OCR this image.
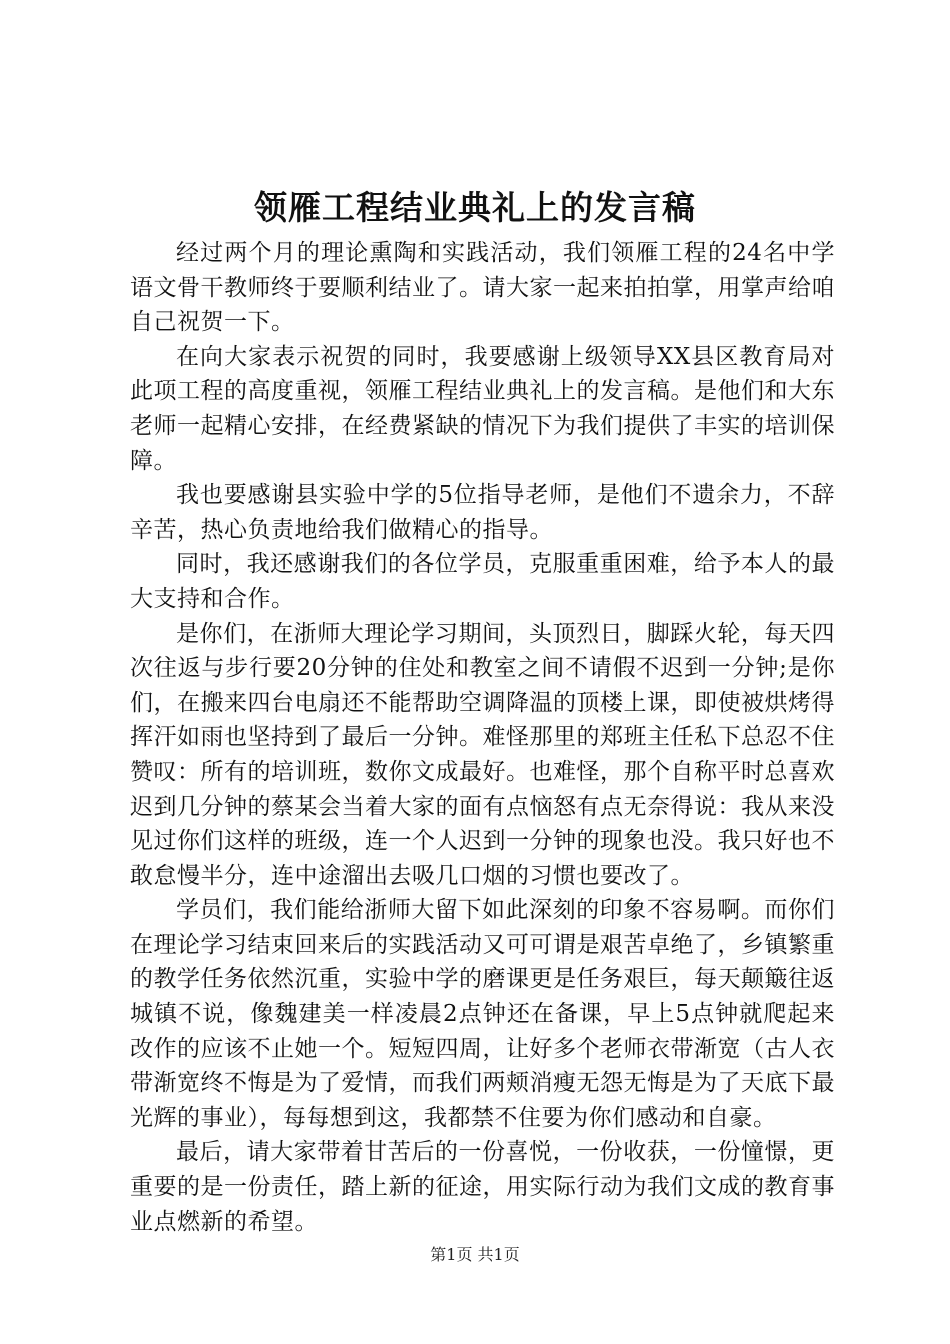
领雁工程结业典礼上的发言稿

经过两个月的理论熏陶和实践活动，我们领雁工程的24名中学语文骨干教师终于要顺利结业了。请大家一起来拍拍掌，用掌声给咱自己祝贺一下。

在向大家表示祝贺的同时，我要感谢上级领导XX县区教育局对此项工程的高度重视，领雁工程结业典礼上的发言稿。是他们和大东老师一起精心安排，在经费紧缺的情况下为我们提供了丰实的培训保障。

我也要感谢县实验中学的5位指导老师，是他们不遗余力，不辞辛苦，热心负责地给我们做精心的指导。

同时，我还感谢我们的各位学员，克服重重困难，给予本人的最大支持和合作。

是你们，在浙师大理论学习期间，头顶烈日，脚踩火轮，每天四次往返与步行要20分钟的住处和教室之间不请假不迟到一分钟;是你们，在搬来四台电扇还不能帮助空调降温的顶楼上课，即使被烘烤得挥汗如雨也坚持到了最后一分钟。难怪那里的郑班主任私下总忍不住赞叹：所有的培训班，数你文成最好。也难怪，那个自称平时总喜欢迟到几分钟的蔡某会当着大家的面有点恼怒有点无奈得说：我从来没见过你们这样的班级，连一个人迟到一分钟的现象也没。我只好也不敢怠慢半分，连中途溜出去吸几口烟的习惯也要改了。

学员们，我们能给浙师大留下如此深刻的印象不容易啊。而你们在理论学习结束回来后的实践活动又可可谓是艰苦卓绝了，乡镇繁重的教学任务依然沉重，实验中学的磨课更是任务艰巨，每天颠簸往返城镇不说，像魏建美一样凌晨2点钟还在备课，早上5点钟就爬起来改作的应该不止她一个。短短四周，让好多个老师衣带渐宽（古人衣带渐宽终不悔是为了爱情，而我们两颊消瘦无怨无悔是为了天底下最光辉的事业），每每想到这，我都禁不住要为你们感动和自豪。

最后，请大家带着甘苦后的一份喜悦，一份收获，一份憧憬，更重要的是一份责任，踏上新的征途，用实际行动为我们文成的教育事业点燃新的希望。

第1页 共1页
